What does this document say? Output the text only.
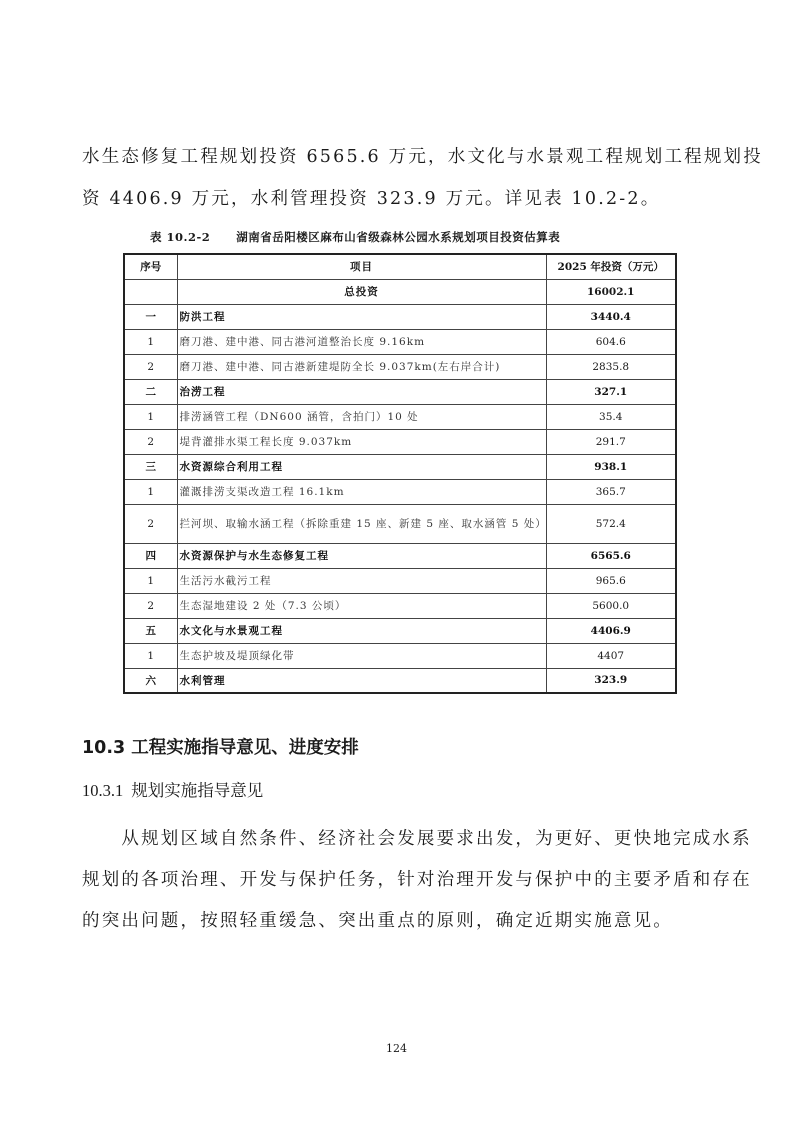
水生态修复工程规划投资 6565.6 万元，水文化与水景观工程规划工程规划投
资 4406.9 万元，水利管理投资 323.9 万元。详见表 10.2-2。
表 10.2-2 湖南省岳阳楼区麻布山省级森林公园水系规划项目投资估算表
序号	项目	2025 年投资（万元）
	总投资	16002.1
一	防洪工程	3440.4
1	磨刀港、建中港、同古港河道整治长度 9.16km	604.6
2	磨刀港、建中港、同古港新建堤防全长 9.037km(左右岸合计)	2835.8
二	治涝工程	327.1
1	排涝涵管工程（DN600 涵管，含拍门）10 处	35.4
2	堤背灌排水渠工程长度 9.037km	291.7
三	水资源综合利用工程	938.1
1	灌溉排涝支渠改造工程 16.1km	365.7
2	拦河坝、取输水涵工程（拆除重建 15 座、新建 5 座、取水涵管 5 处）	572.4
四	水资源保护与水生态修复工程	6565.6
1	生活污水截污工程	965.6
2	生态湿地建设 2 处（7.3 公顷）	5600.0
五	水文化与水景观工程	4406.9
1	生态护坡及堤顶绿化带	4407
六	水利管理	323.9
10.3 工程实施指导意见、进度安排
10.3.1 规划实施指导意见
　　从规划区域自然条件、经济社会发展要求出发，为更好、更快地完成水系
规划的各项治理、开发与保护任务，针对治理开发与保护中的主要矛盾和存在
的突出问题，按照轻重缓急、突出重点的原则，确定近期实施意见。
124
